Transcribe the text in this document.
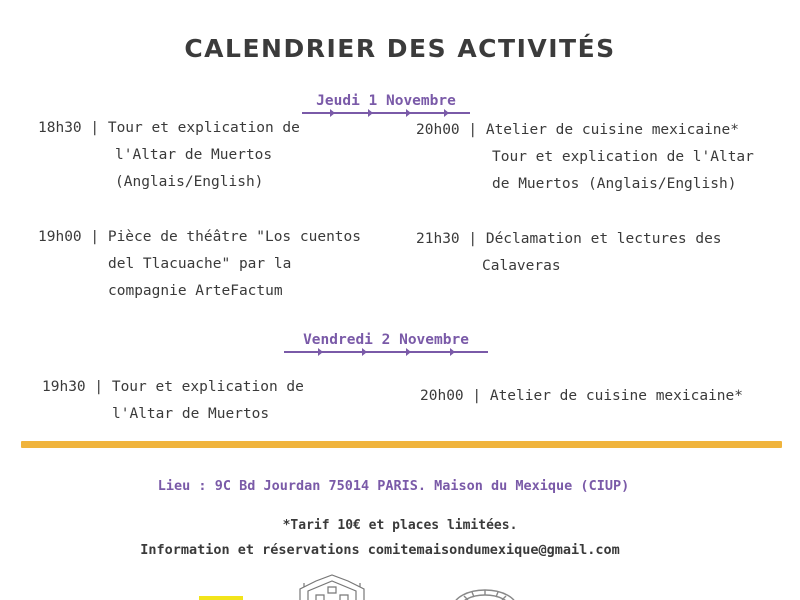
CALENDRIER DES ACTIVITÉS
Jeudi 1 Novembre
18h30 | Tour et explication de
l'Altar de Muertos
(Anglais/English)
19h00 | Pièce de théâtre "Los cuentos
del Tlacuache" par la
compagnie ArteFactum
20h00 | Atelier de cuisine mexicaine*
Tour et explication de l'Altar
de Muertos (Anglais/English)
21h30 | Déclamation et lectures des
Calaveras
Vendredi 2 Novembre
19h30 | Tour et explication de
l'Altar de Muertos
20h00 | Atelier de cuisine mexicaine*
Lieu : 9C Bd Jourdan 75014 PARIS. Maison du Mexique (CIUP)
*Tarif 10€ et places limitées.
Information et réservations comitemaisondumexique@gmail.com
